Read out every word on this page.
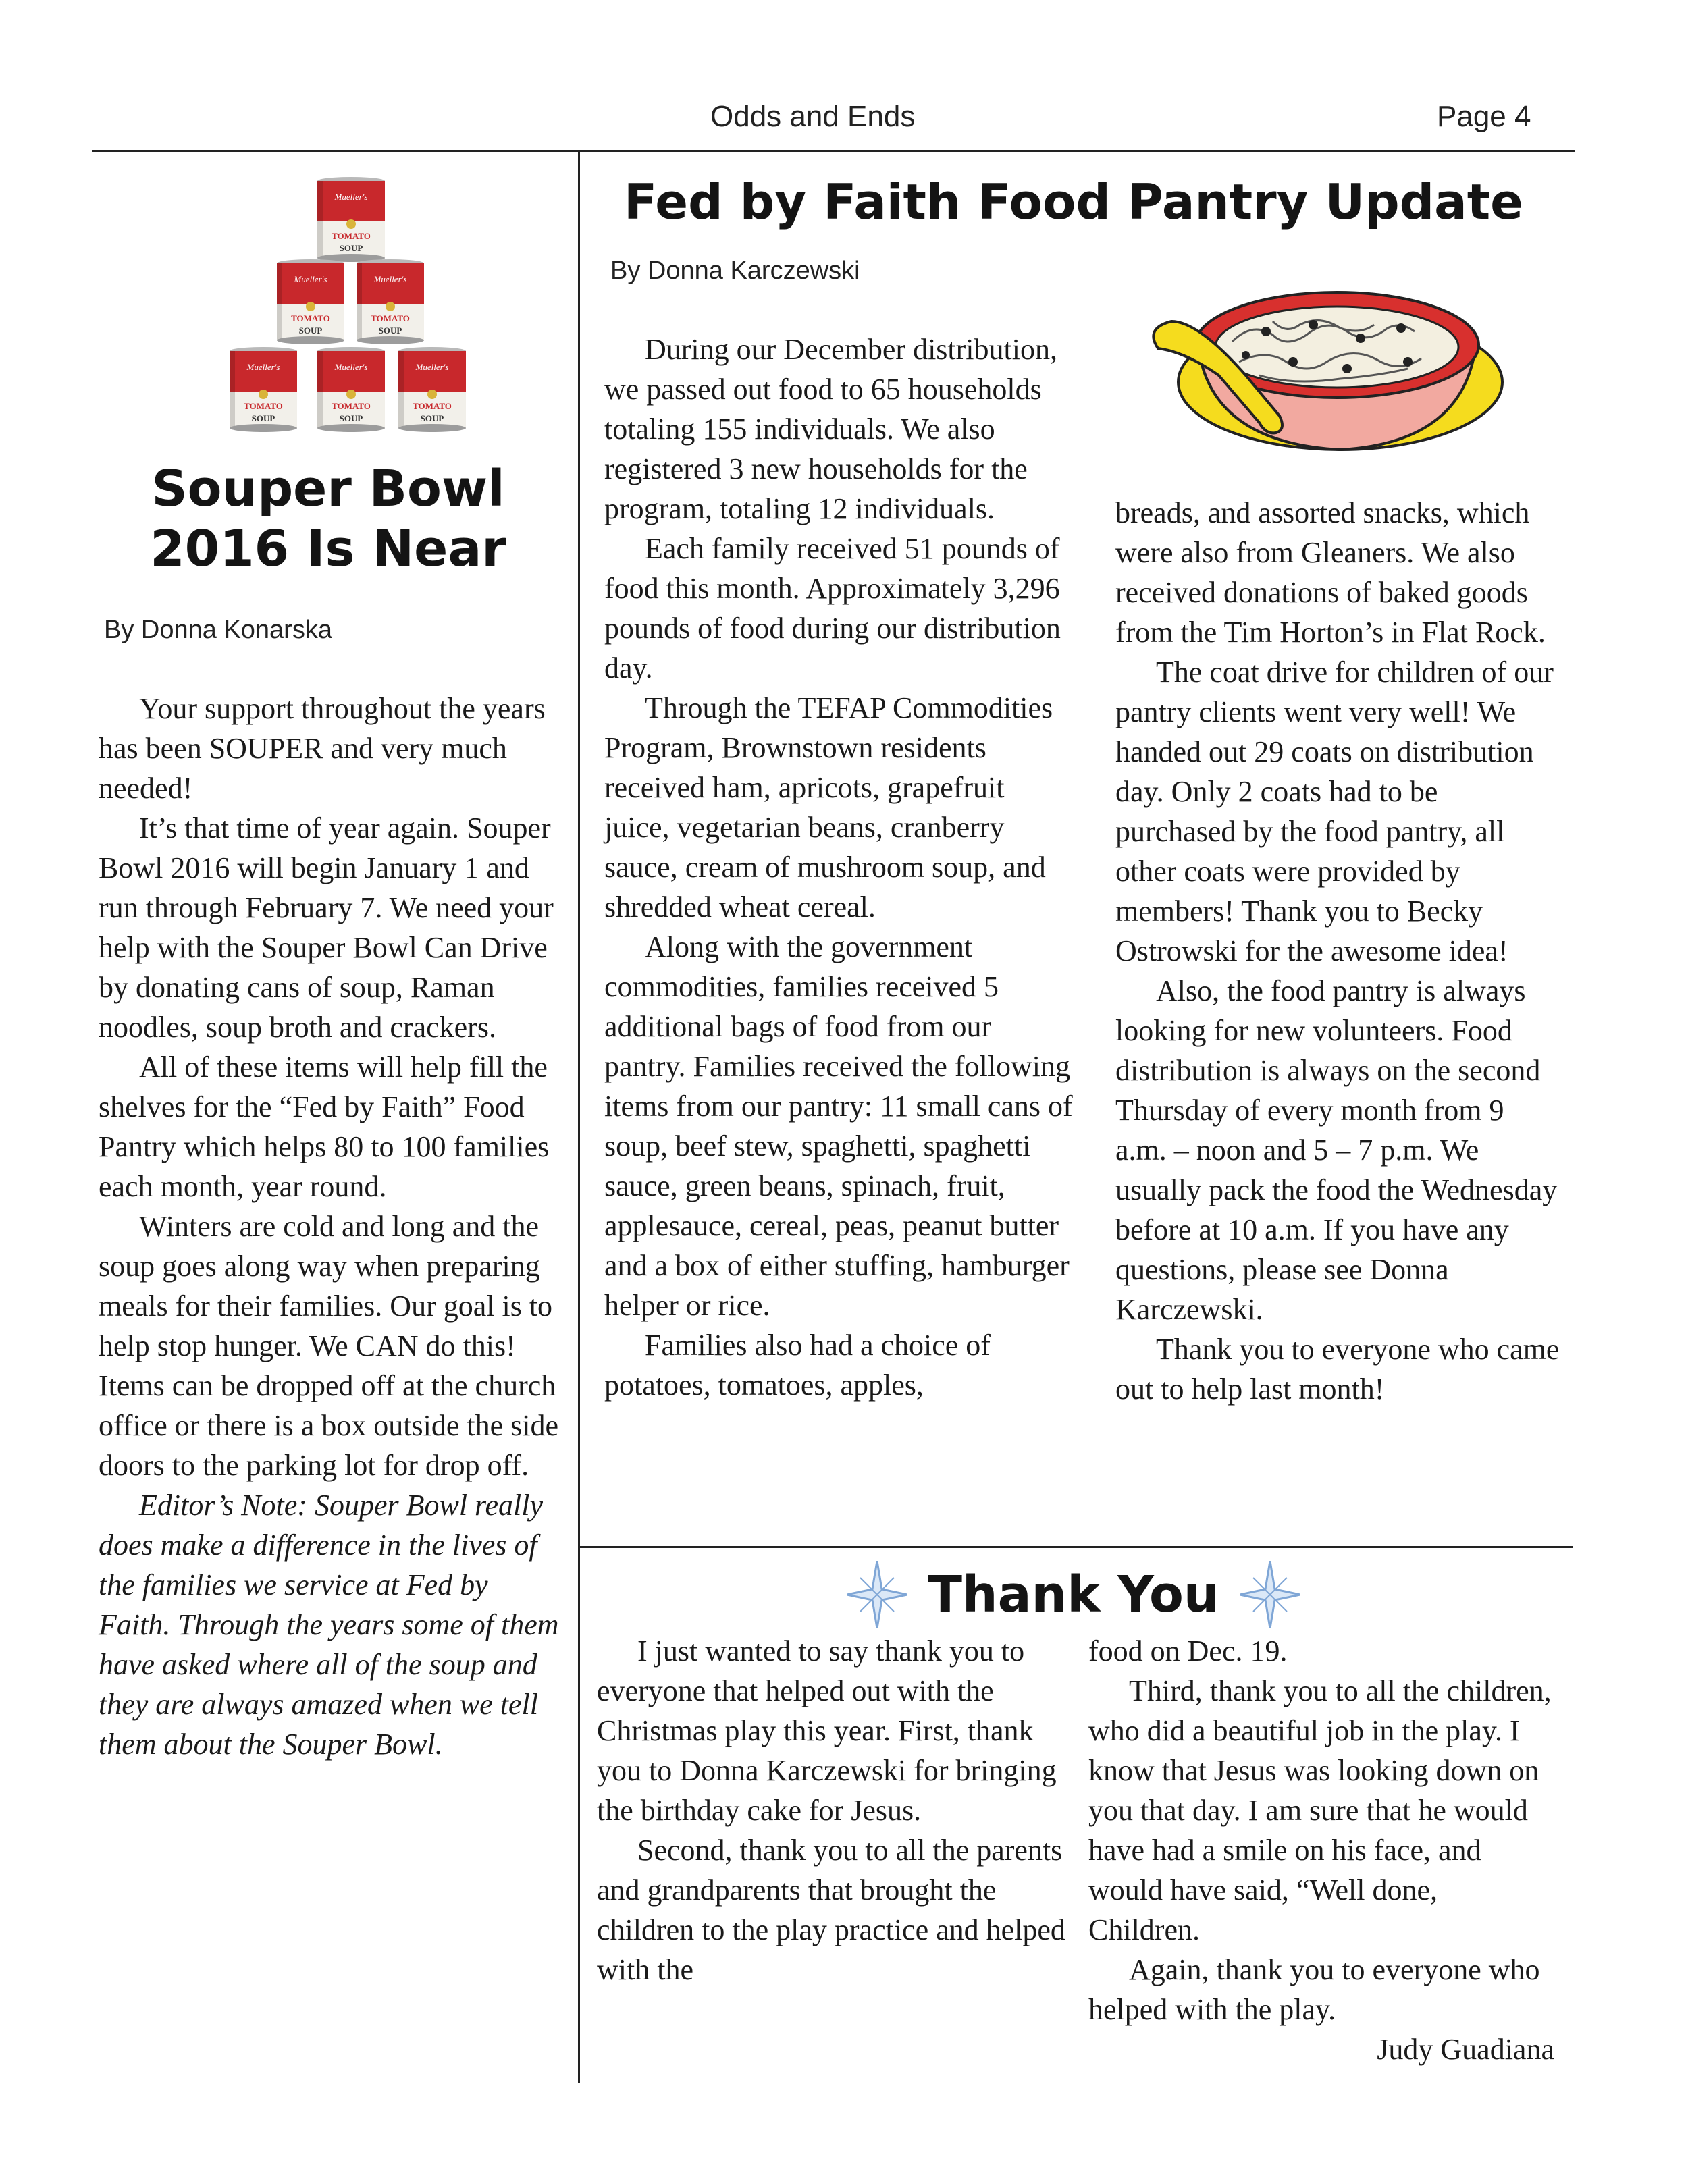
Odds and Ends	Page 4
Mueller's
TOMATO
SOUP
Souper Bowl
2016 Is Near
By Donna Konarska

Your support throughout the years has been SOUPER and very much needed!

It’s that time of year again. Souper Bowl 2016 will begin January 1 and run through February 7. We need your help with the Souper Bowl Can Drive by donating cans of soup, Raman noodles, soup broth and crackers.

All of these items will help fill the shelves for the “Fed by Faith” Food Pantry which helps 80 to 100 families each month, year round.

Winters are cold and long and the soup goes along way when preparing meals for their families. Our goal is to help stop hunger. We CAN do this! Items can be dropped off at the church office or there is a box outside the side doors to the parking lot for drop off.

Editor’s Note: Souper Bowl really does make a difference in the lives of the families we service at Fed by Faith. Through the years some of them have asked where all of the soup and they are always amazed when we tell them about the Souper Bowl.

Fed by Faith Food Pantry Update
By Donna Karczewski

During our December distribution, we passed out food to 65 households totaling 155 individuals. We also registered 3 new households for the program, totaling 12 individuals.

Each family received 51 pounds of food this month. Approximately 3,296 pounds of food during our distribution day.

Through the TEFAP Commodities Program, Brownstown residents received ham, apricots, grapefruit juice, vegetarian beans, cranberry sauce, cream of mushroom soup, and shredded wheat cereal.

Along with the government commodities, families received 5 additional bags of food from our pantry. Families received the following items from our pantry: 11 small cans of soup, beef stew, spaghetti, spaghetti sauce, green beans, spinach, fruit, applesauce, cereal, peas, peanut butter and a box of either stuffing, hamburger helper or rice.

Families also had a choice of potatoes, tomatoes, apples,

breads, and assorted snacks, which were also from Gleaners. We also received donations of baked goods from the Tim Horton’s in Flat Rock.

The coat drive for children of our pantry clients went very well! We handed out 29 coats on distribution day. Only 2 coats had to be purchased by the food pantry, all other coats were provided by members! Thank you to Becky Ostrowski for the awesome idea!

Also, the food pantry is always looking for new volunteers. Food distribution is always on the second Thursday of every month from 9 a.m. – noon and 5 – 7 p.m. We usually pack the food the Wednesday before at 10 a.m. If you have any questions, please see Donna Karczewski.

Thank you to everyone who came out to help last month!

Thank You

I just wanted to say thank you to everyone that helped out with the Christmas play this year. First, thank you to Donna Karczewski for bringing the birthday cake for Jesus.

Second, thank you to all the parents and grandparents that brought the children to the play practice and helped with the

food on Dec. 19.

Third, thank you to all the children, who did a beautiful job in the play. I know that Jesus was looking down on you that day. I am sure that he would have had a smile on his face, and would have said, “Well done, Children.

Again, thank you to everyone who helped with the play.

Judy Guadiana
